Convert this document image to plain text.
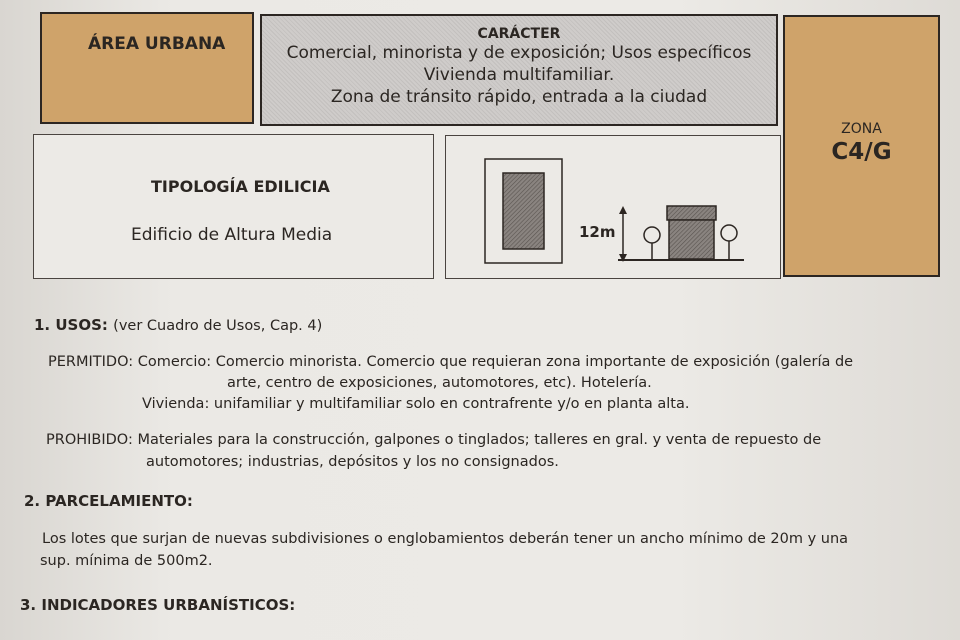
ÁREA URBANA	CARÁCTER
Comercial, minorista y de exposición; Usos específicos
Vivienda multifamiliar.
Zona de tránsito rápido, entrada a la ciudad
ZONA
C4/G
TIPOLOGÍA EDILICIA
Edificio de Altura Media	12m
1. USOS: (ver Cuadro de Usos, Cap. 4)
PERMITIDO: Comercio: Comercio minorista. Comercio que requieran zona importante de exposición (galería de
arte, centro de exposiciones, automotores, etc). Hotelería.
Vivienda: unifamiliar y multifamiliar solo en contrafrente y/o en planta alta.
PROHIBIDO: Materiales para la construcción, galpones o tinglados; talleres en gral. y venta de repuesto de
automotores; industrias, depósitos y los no consignados.
2. PARCELAMIENTO:
Los lotes que surjan de nuevas subdivisiones o englobamientos deberán tener un ancho mínimo de 20m y una
sup. mínima de 500m2.
3. INDICADORES URBANÍSTICOS:
